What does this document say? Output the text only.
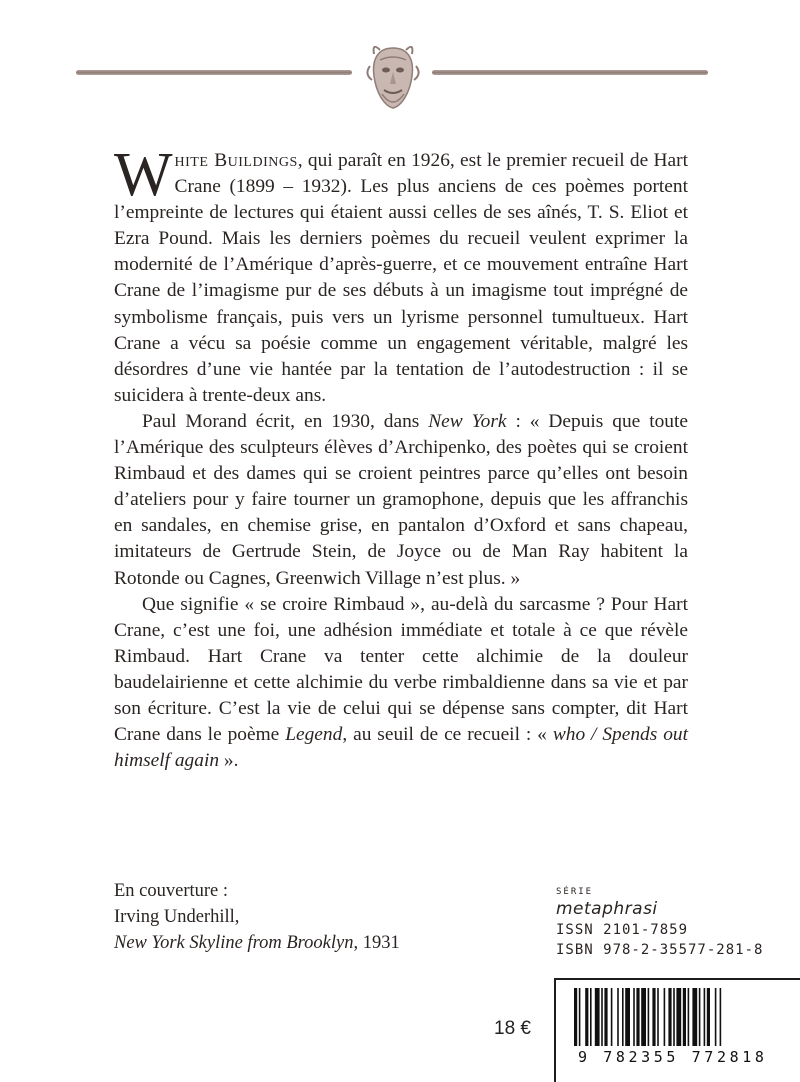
White Buildings, qui paraît en 1926, est le premier recueil de Hart Crane (1899 – 1932). Les plus anciens de ces poèmes portent l’empreinte de lectures qui étaient aussi celles de ses aînés, T. S. Eliot et Ezra Pound. Mais les derniers poèmes du recueil veulent exprimer la modernité de l’Amérique d’après-guerre, et ce mouvement entraîne Hart Crane de l’imagisme pur de ses débuts à un imagisme tout imprégné de symbolisme français, puis vers un lyrisme personnel tumultueux. Hart Crane a vécu sa poésie comme un engagement véritable, malgré les désordres d’une vie hantée par la tentation de l’autodestruction : il se suicidera à trente-deux ans.

Paul Morand écrit, en 1930, dans New York : « Depuis que toute l’Amérique des sculpteurs élèves d’Archipenko, des poètes qui se croient Rimbaud et des dames qui se croient peintres parce qu’elles ont besoin d’ateliers pour y faire tourner un gramophone, depuis que les affranchis en sandales, en chemise grise, en pantalon d’Oxford et sans chapeau, imitateurs de Gertrude Stein, de Joyce ou de Man Ray habitent la Rotonde ou Cagnes, Greenwich Village n’est plus. »

Que signifie « se croire Rimbaud », au-delà du sarcasme ? Pour Hart Crane, c’est une foi, une adhésion immédiate et totale à ce que révèle Rimbaud. Hart Crane va tenter cette alchimie de la douleur baudelairienne et cette alchimie du verbe rimbaldienne dans sa vie et par son écriture. C’est la vie de celui qui se dépense sans compter, dit Hart Crane dans le poème Legend, au seuil de ce recueil : « who / Spends out himself again ».

En couverture :
Irving Underhill,
New York Skyline from Brooklyn, 1931
SÉRIE
metaphrasi
ISSN 2101-7859
ISBN 978-2-35577-281-8
18 €
9 782355 772818
